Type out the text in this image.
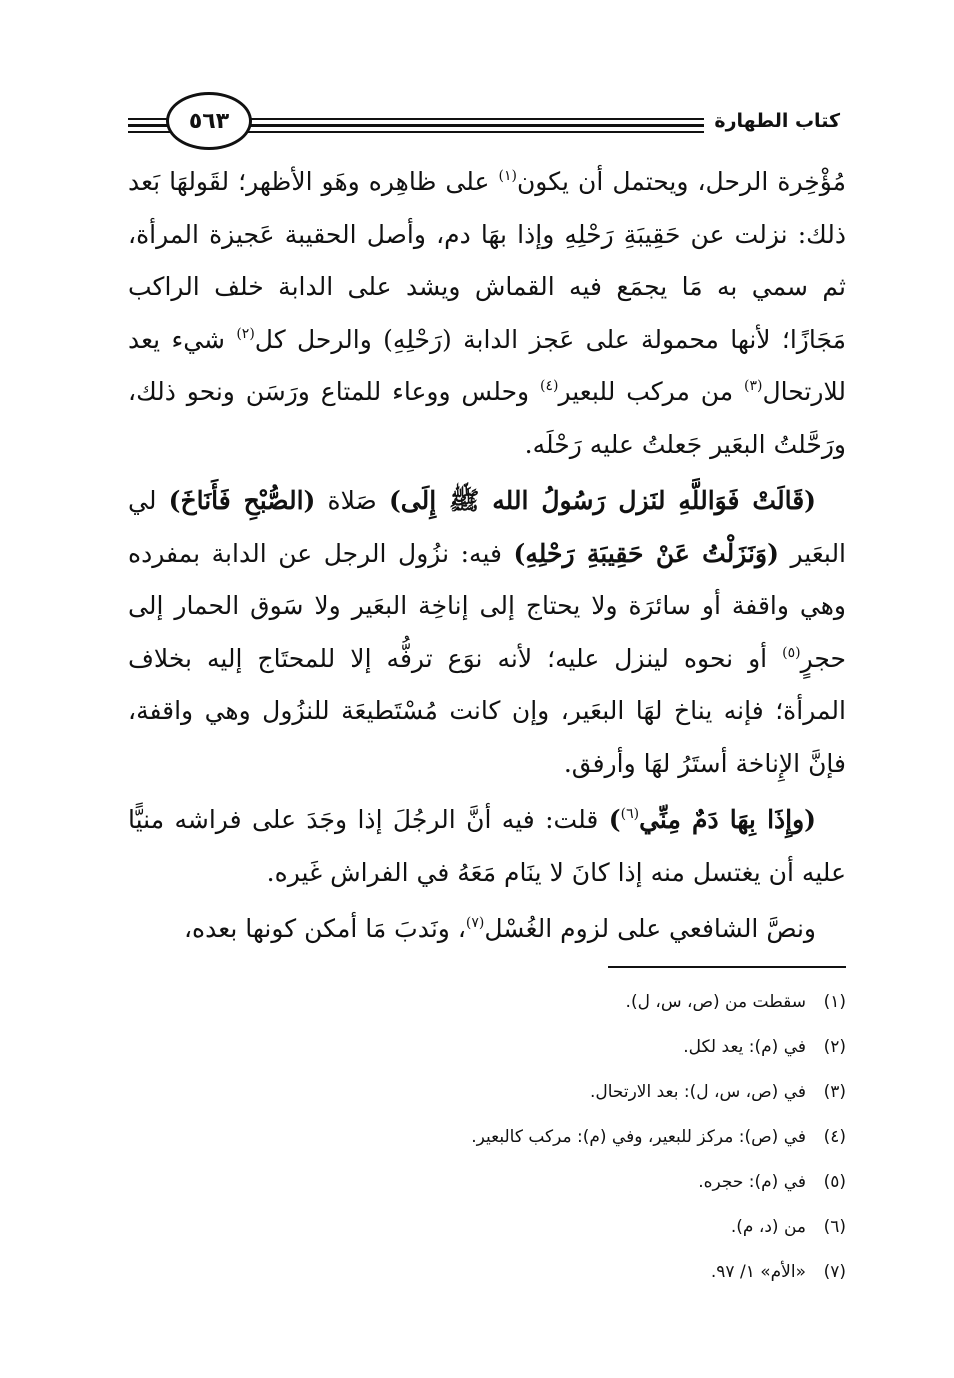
كتاب الطهارة
٥٦٣

مُؤْخِرة الرحل، ويحتمل أن يكون$^{(١)}$ على ظاهِره وهَو الأظهر؛ لقَولهَا بَعد ذلك: نزلت عن حَقِيبَةِ رَحْلِهِ وإذا بهَا دم، وأصل الحقيبة عَجيزة المرأة، ثم سمي به مَا يجمَع فيه القماش ويشد على الدابة خلف الراكب مَجَازًا؛ لأنها محمولة على عَجز الدابة (رَحْلِهِ) والرحل كل$^{(٢)}$ شيء يعد للارتحال$^{(٣)}$ من مركب للبعير$^{(٤)}$ وحلس ووعاء للمتاع ورَسَن ونحو ذلك، ورَحَّلتُ البعَير جَعلتُ عليه رَحْلَه.

(قَالَتْ فَوَاللَّهِ لنَزل رَسُولُ الله ﷺ إِلَى) صَلاة (الصُّبْحِ فَأَنَاخَ) لي البعَير (وَنَزَلْتُ عَنْ حَقِيبَةِ رَحْلِهِ) فيه: نزُول الرجل عن الدابة بمفرده وهي واقفة أو سائرَة ولا يحتاج إلى إناخِة البعَير ولا سَوق الحمار إلى حجرٍ$^{(٥)}$ أو نحوه لينزل عليه؛ لأنه نوَع ترفُّه إلا للمحتَاج إليه بخلاف المرأة؛ فإنه يناخ لهَا البعَير، وإن كانت مُسْتَطيعَة للنزُول وهي واقفة، فإنَّ الإِناخة أستَرُ لهَا وأرفق.

(وإِذَا بِهَا دَمٌ مِنِّي$^{(٦)}$) قلت: فيه أنَّ الرجُلَ إذا وجَدَ على فراشه منيًّا عليه أن يغتسل منه إذا كانَ لا ينَام مَعَهُ في الفراش غَيره.

ونصَّ الشافعي على لزوم الغُسْل$^{(٧)}$، ونَدبَ مَا أمكن كونها بعده،

(١)سقطت من (ص، س، ل).
(٢)في (م): يعد لكل.
(٣)في (ص، س، ل): بعد الارتحال.
(٤)في (ص): مركز للبعير، وفي (م): مركب كالبعير.
(٥)في (م): حجره.
(٦)من (د، م).
(٧)«الأم» ١/ ٩٧.
